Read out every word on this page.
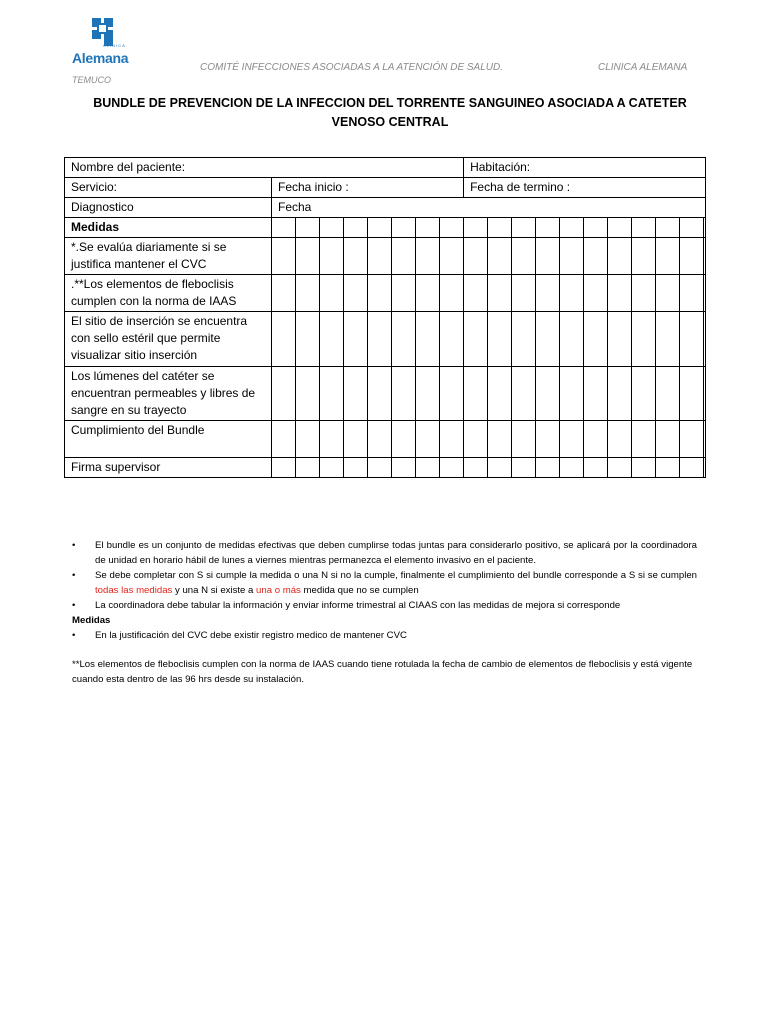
CLINICA
Alemana
COMITÉ INFECCIONES ASOCIADAS A LA ATENCIÓN DE SALUD.	CLINICA ALEMANA
TEMUCO
BUNDLE DE PREVENCION DE LA INFECCION DEL TORRENTE SANGUINEO ASOCIADA A CATETER
VENOSO CENTRAL
Nombre del paciente:									Habitación:										
Servicio:	Fecha inicio :								Fecha de termino :										
Diagnostico	Fecha																		
Medidas																			
*.Se evalúa diariamente si se justifica mantener el CVC																			
.**Los elementos de fleboclisis cumplen con la norma de IAAS																			
El sitio de inserción se encuentra con sello estéril que permite visualizar sitio inserción																			
Los lúmenes del catéter se encuentran permeables y libres de sangre en su trayecto																			
Cumplimiento del Bundle																			
Firma supervisor																			
• El bundle es un conjunto de medidas efectivas que deben cumplirse todas juntas para considerarlo positivo, se aplicará por la coordinadora de unidad en horario hábil de lunes a viernes mientras permanezca el elemento invasivo en el paciente.
• Se debe completar con S si cumple la medida o una N si no la cumple, finalmente el cumplimiento del bundle corresponde a S si se cumplen todas las medidas y una N si existe a una o más medida que no se cumplen
• La coordinadora debe tabular la información y enviar informe trimestral al CIAAS con las medidas de mejora si corresponde
Medidas
• En la justificación del CVC debe existir registro medico de mantener CVC
**Los elementos de fleboclisis cumplen con la norma de IAAS cuando tiene rotulada la fecha de cambio de elementos de fleboclisis y está vigente cuando esta dentro de las 96 hrs desde su instalación.
